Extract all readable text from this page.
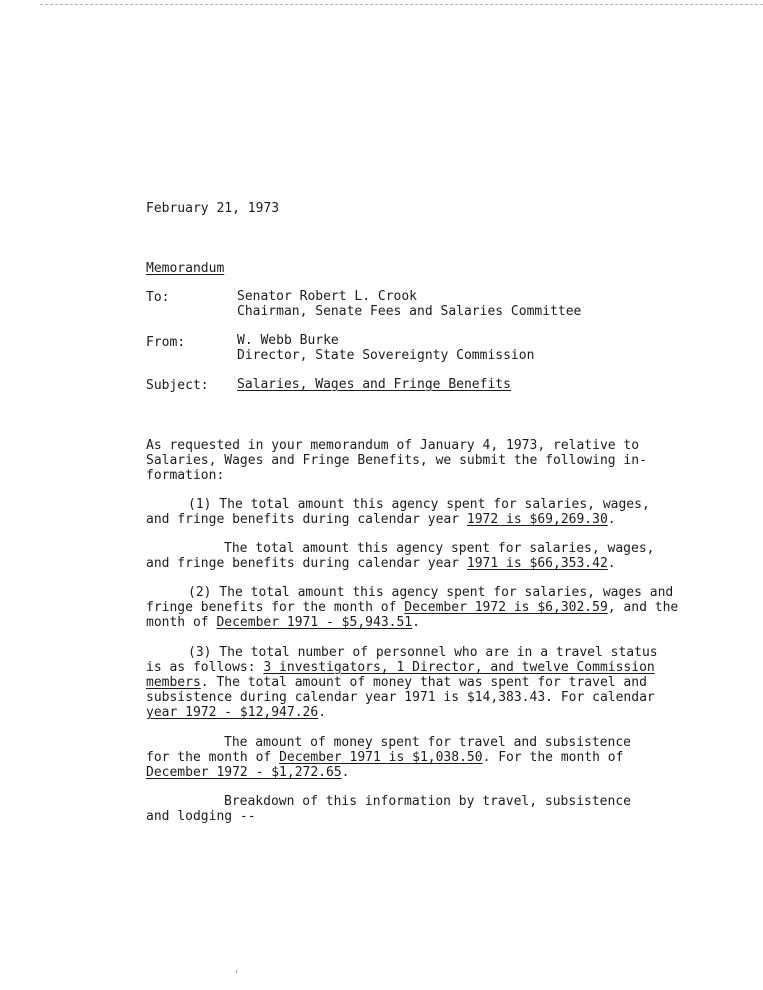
February 21, 1973
Memorandum
To:	Senator Robert L. Crook
Chairman, Senate Fees and Salaries Committee
From:	W. Webb Burke
Director, State Sovereignty Commission
Subject: Salaries, Wages and Fringe Benefits
As requested in your memorandum of January 4, 1973, relative to
Salaries, Wages and Fringe Benefits, we submit the following in-
formation:
(1) The total amount this agency spent for salaries, wages,
and fringe benefits during calendar year 1972 is $69,269.30.
The total amount this agency spent for salaries, wages,
and fringe benefits during calendar year 1971 is $66,353.42.
(2) The total amount this agency spent for salaries, wages and
fringe benefits for the month of December 1972 is $6,302.59, and the
month of December 1971 - $5,943.51.
(3) The total number of personnel who are in a travel status
is as follows: 3 investigators, 1 Director, and twelve Commission
members. The total amount of money that was spent for travel and
subsistence during calendar year 1971 is $14,383.43. For calendar
year 1972 - $12,947.26.
The amount of money spent for travel and subsistence
for the month of December 1971 is $1,038.50. For the month of
December 1972 - $1,272.65.
Breakdown of this information by travel, subsistence
and lodging --
